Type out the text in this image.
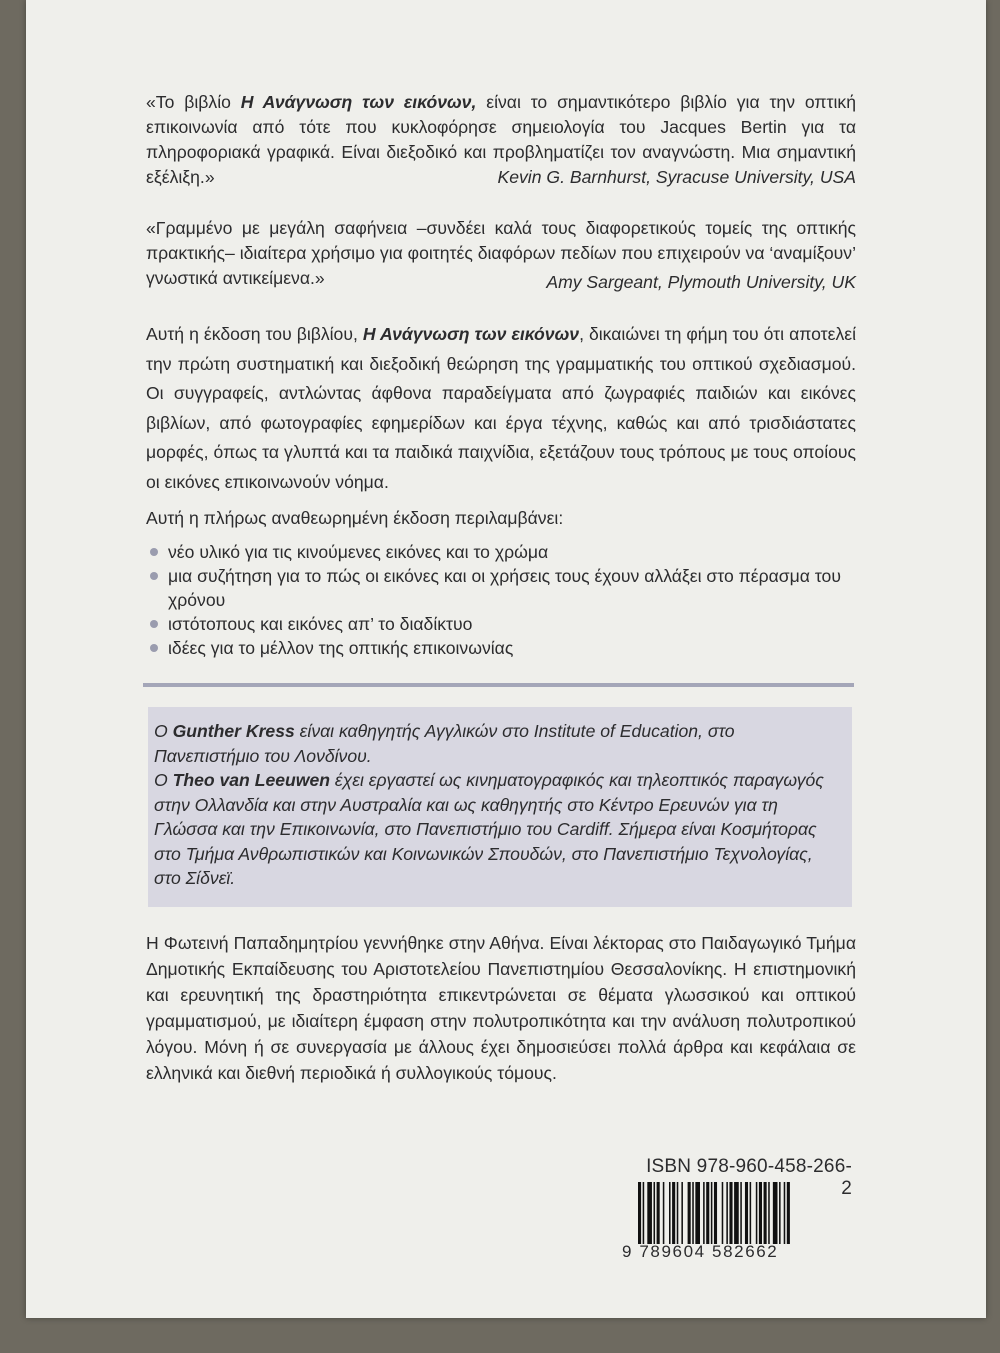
«Το βιβλίο Η Ανάγνωση των εικόνων, είναι το σημαντικότερο βιβλίο για την οπτική επικοινωνία από τότε που κυκλοφόρησε σημειολογία του Jacques Bertin για τα πληροφοριακά γραφικά. Είναι διεξοδικό και προβληματίζει τον αναγνώστη. Μια σημαντική εξέλιξη.»	Kevin G. Barnhurst, Syracuse University, USA
«Γραμμένο με μεγάλη σαφήνεια –συνδέει καλά τους διαφορετικούς τομείς της οπτικής πρακτικής– ιδιαίτερα χρήσιμο για φοιτητές διαφόρων πεδίων που επιχειρούν να ‘αναμίξουν’ γνωστικά αντικείμενα.»	Amy Sargeant, Plymouth University, UK
Αυτή η έκδοση του βιβλίου, Η Ανάγνωση των εικόνων, δικαιώνει τη φήμη του ότι αποτελεί την πρώτη συστηματική και διεξοδική θεώρηση της γραμματικής του οπτικού σχεδιασμού. Οι συγγραφείς, αντλώντας άφθονα παραδείγματα από ζωγραφιές παιδιών και εικόνες βιβλίων, από φωτογραφίες εφημερίδων και έργα τέχνης, καθώς και από τρισδιάστατες μορφές, όπως τα γλυπτά και τα παιδικά παιχνίδια, εξετάζουν τους τρόπους με τους οποίους οι εικόνες επικοινωνούν νόημα.
Αυτή η πλήρως αναθεωρημένη έκδοση περιλαμβάνει:
νέο υλικό για τις κινούμενες εικόνες και το χρώμα
μια συζήτηση για το πώς οι εικόνες και οι χρήσεις τους έχουν αλλάξει στο πέρασμα του χρόνου
ιστότοπους και εικόνες απ’ το διαδίκτυο
ιδέες για το μέλλον της οπτικής επικοινωνίας

Ο Gunther Kress είναι καθηγητής Αγγλικών στο Institute of Education, στο Πανεπιστήμιο του Λονδίνου.

Ο Theo van Leeuwen έχει εργαστεί ως κινηματογραφικός και τηλεοπτικός παραγωγός στην Ολλανδία και στην Αυστραλία και ως καθηγητής στο Κέντρο Ερευνών για τη Γλώσσα και την Επικοινωνία, στο Πανεπιστήμιο του Cardiff. Σήμερα είναι Κοσμήτορας στο Τμήμα Ανθρωπιστικών και Κοινωνικών Σπουδών, στο Πανεπιστήμιο Τεχνολογίας, στο Σίδνεϊ.

Η Φωτεινή Παπαδημητρίου γεννήθηκε στην Αθήνα. Είναι λέκτορας στο Παιδαγωγικό Τμήμα Δημοτικής Εκπαίδευσης του Αριστοτελείου Πανεπιστημίου Θεσσαλονίκης. Η επιστημονική και ερευνητική της δραστηριότητα επικεντρώνεται σε θέματα γλωσσικού και οπτικού γραμματισμού, με ιδιαίτερη έμφαση στην πολυτροπικότητα και την ανάλυση πολυτροπικού λόγου. Μόνη ή σε συνεργασία με άλλους έχει δημοσιεύσει πολλά άρθρα και κεφάλαια σε ελληνικά και διεθνή περιοδικά ή συλλογικούς τόμους.
ISBN 978-960-458-266-2
9 789604 582662
